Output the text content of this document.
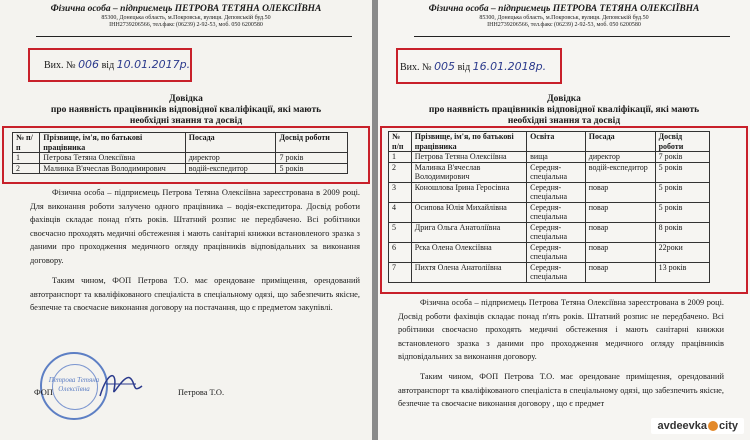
Фізична особа – підприємець ПЕТРОВА ТЕТЯНА ОЛЕКСІЇВНА
85300, Донецька область, м.Покровськ, вулиця. Деповськiй буд.50
ІНН2739206566, тел.факс (06239) 2-92-53, моб. 050 6200580
Вих. № 006 від 10.01.2017р.
Довідка
про наявність працівників відповідної кваліфікації, які мають
необхідні знання та досвід
№ п/п	Прізвище, ім'я, по батькові працівника	Посада	Досвід роботи
1	Петрова Тетяна Олексіївна	директор	7 років
2	Малинка В'ячеслав Володимирович	водій-експедитор	5 років
Фізична особа – підприємець Петрова Тетяна Олексіївна зареєстрована в 2009 році. Для виконання роботи залучено одного працівника – водія-експедитора. Досвід роботи фахівців складає понад п'ять років. Штатний розпис не передбачено. Всі робітники своєчасно проходять медичні обстеження і мають санітарні книжки встановленого зразка з даними про проходження медичного огляду працівників відповідальних за виконання договору.
Таким чином, ФОП Петрова Т.О. має орендоване приміщення, орендований автотранспорт та кваліфікованого спеціаліста в спеціальному одязі, що забезпечить якісне, безпечне та своєчасне виконання договору на постачання, що є предметом закупівлі.
Петрова Тетяна Олексіївна
ФОП	Петрова Т.О.
Фізична особа – підприємець ПЕТРОВА ТЕТЯНА ОЛЕКСІЇВНА
85300, Донецька область, м.Покровськ, вулиця. Деповськiй буд.50
ІНН2739206566, тел.факс (06239) 2-92-53, моб. 050 6200580
Вих. № 005 від 16.01.2018р.
Довідка
про наявність працівників відповідної кваліфікації, які мають
необхідні знання та досвід
№ п/п	Прізвище, ім'я, по батькові працівника	Освіта	Посада	Досвід роботи
1	Петрова Тетяна Олексіївна	вища	директор	7 років
2	Малинка В'ячеслав Володимирович	Середня-спеціальна	водій-експедитор	5 років
3	Коношлова Ірина Геросівна	Середня-спеціальна	повар	5 років
4	Осипова Юлія Михайлівна	Середня-спеціальна	повар	5 років
5	Дрига Ольга Анатоліївна	Середня-спеціальна	повар	8 років
6	Рєка Олена Олексіївна	Середня-спеціальна	повар	22роки
7	Пихтя Олена Анатоліївна	Середня-спеціальна	повар	13 років
Фізична особа – підприємець Петрова Тетяна Олексіївна зареєстрована в 2009 році. Досвід роботи фахівців складає понад п'ять років. Штатний розпис не передбачено. Всі робітники своєчасно проходять медичні обстеження і мають санітарні книжки встановленого зразка з даними про проходження медичного огляду працівників відповідальних за виконання договору.
Таким чином, ФОП Петрова Т.О. має орендоване приміщення, орендований автотранспорт та кваліфікованого спеціаліста в спеціальному одязі, що забезпечить якісне, безпечне та своєчасне виконання договору , що є предмет
avdeevka city
